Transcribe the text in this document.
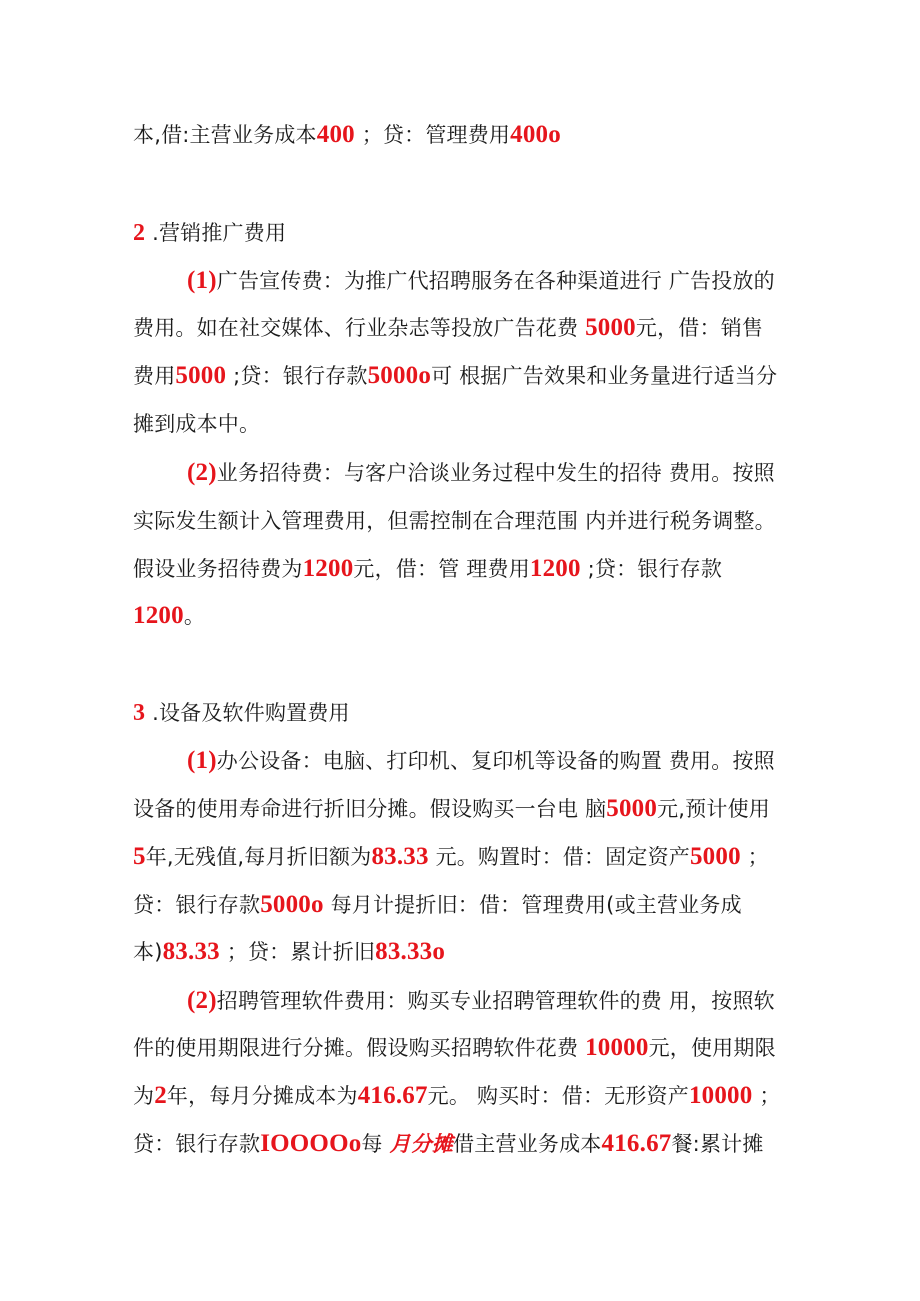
本,借:主营业务成本400 ；贷：管理费用400o
2 .营销推广费用
(1)广告宣传费：为推广代招聘服务在各种渠道进行 广告投放的
费用。如在社交媒体、行业杂志等投放广告花费 5000元，借：销售
费用5000 ;贷：银行存款5000o可 根据广告效果和业务量进行适当分
摊到成本中。
(2)业务招待费：与客户洽谈业务过程中发生的招待 费用。按照
实际发生额计入管理费用，但需控制在合理范围 内并进行税务调整。
假设业务招待费为1200元，借：管 理费用1200 ;贷：银行存款
1200。
3 .设备及软件购置费用
(1)办公设备：电脑、打印机、复印机等设备的购置 费用。按照
设备的使用寿命进行折旧分摊。假设购买一台电 脑5000元,预计使用
5年,无残值,每月折旧额为83.33 元。购置时：借：固定资产5000 ；
贷：银行存款5000o 每月计提折旧：借：管理费用(或主营业务成
本)83.33 ；贷：累计折旧83.33o
(2)招聘管理软件费用：购买专业招聘管理软件的费 用，按照软
件的使用期限进行分摊。假设购买招聘软件花费 10000元，使用期限
为2年，每月分摊成本为416.67元。 购买时：借：无形资产10000 ；
贷：银行存款IOOOOo每 月分摊借主营业务成本416.67餐:累计摊
